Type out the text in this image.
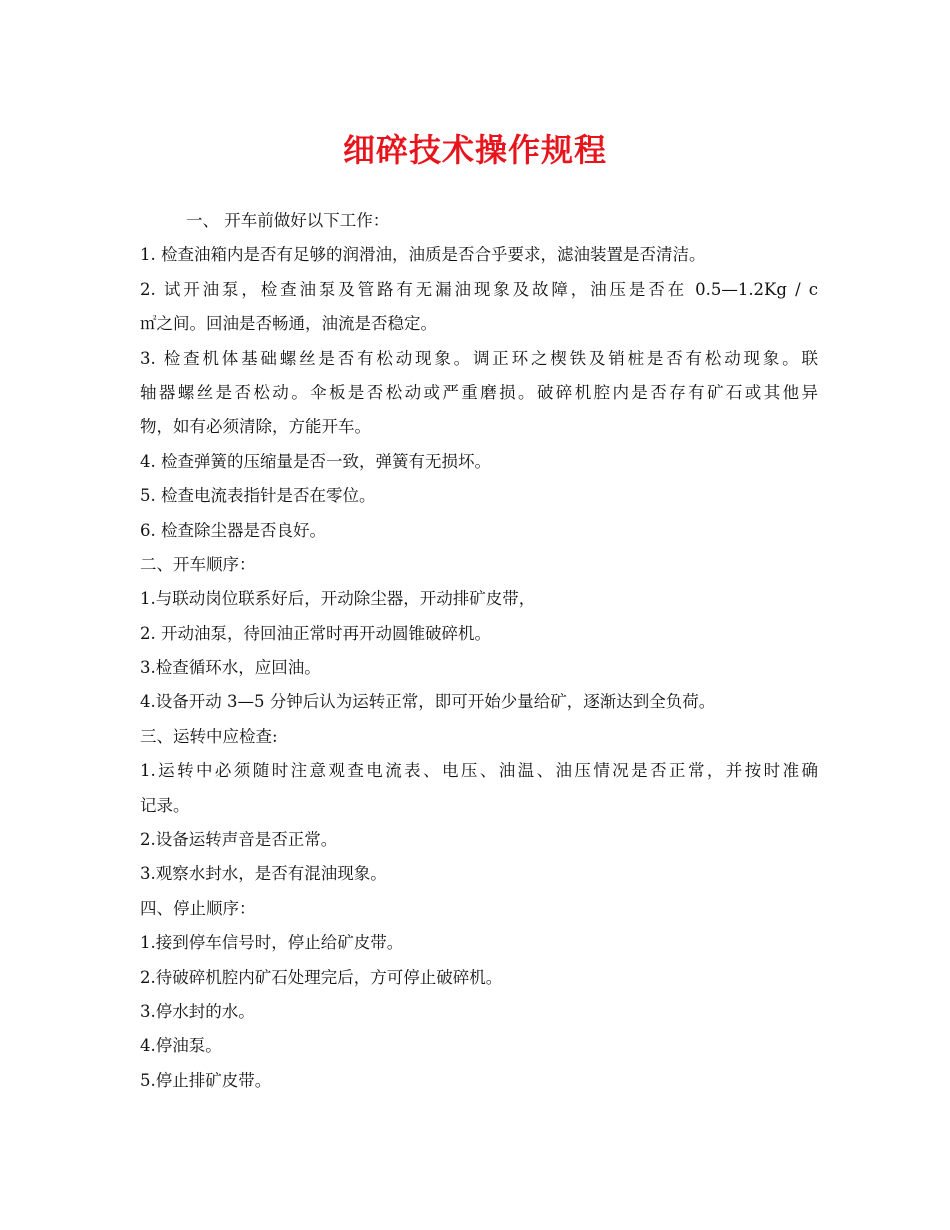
细碎技术操作规程

一、 开车前做好以下工作：

1. 检查油箱内是否有足够的润滑油，油质是否合乎要求，滤油装置是否清洁。

2. 试开油泵，检查油泵及管路有无漏油现象及故障，油压是否在 0.5—1.2Kg / c

㎡之间。回油是否畅通，油流是否稳定。

3. 检查机体基础螺丝是否有松动现象。调正环之楔铁及销桩是否有松动现象。联

轴器螺丝是否松动。伞板是否松动或严重磨损。破碎机腔内是否存有矿石或其他异

物，如有必须清除，方能开车。

4. 检查弹簧的压缩量是否一致，弹簧有无损坏。

5. 检查电流表指针是否在零位。

6. 检查除尘器是否良好。

二、开车顺序：

1.与联动岗位联系好后，开动除尘器，开动排矿皮带，

2. 开动油泵，待回油正常时再开动圆锥破碎机。

3.检查循环水，应回油。

4.设备开动 3—5 分钟后认为运转正常，即可开始少量给矿，逐渐达到全负荷。

三、运转中应检查:

1.运转中必须随时注意观查电流表、电压、油温、油压情况是否正常，并按时准确

记录。

2.设备运转声音是否正常。

3.观察水封水，是否有混油现象。

四、停止顺序：

1.接到停车信号时，停止给矿皮带。

2.待破碎机腔内矿石处理完后，方可停止破碎机。

3.停水封的水。

4.停油泵。

5.停止排矿皮带。
